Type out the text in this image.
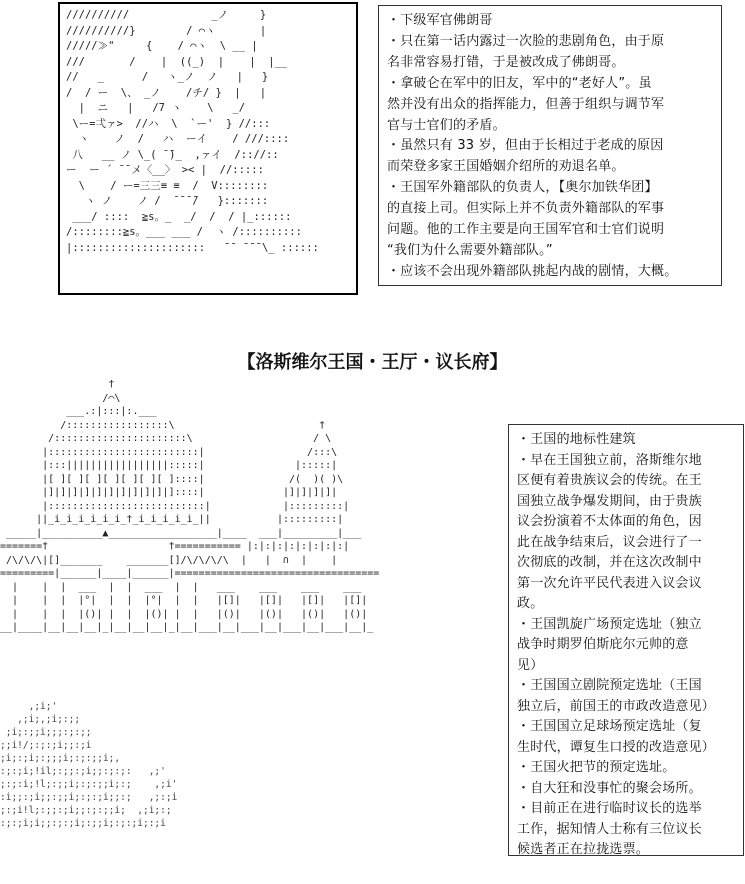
//////////             _ノ     }
//////////}        / ⌒ヽ       |
/////≫"     {    / ⌒ヽ  \ __ |
///       /    |  ((_)  |    |  |__
//   _      /   ヽ_ノ  ノ   |   }
/  / ー  \、 _ノ    /チ/ }  |   |
|  ニ   |   /7 ヽ    \   _/
\ー=弌ァ>  //ハ  \  `ー'  } //:::
ヽ    ノ  /   ハ  ーイ    / ///::::
八   __ ノ \_( ̄ ̄)_  ,ァイ  /:://::
ー  ー ´ ̄ ̄ メ〈__〉 >< |  //:::::
\    / ー=三三≡ ≡  /  V::::::::
ヽ ノ    ノ /  ̄ ̄ ̄ ̄/   }:::::::
___/ ::::  ≧s。_  _/  /  / |_::::::
/::::::::≧s。___ ___ /  ヽ /::::::::::
|:::::::::::::::::::::   ̄ ̄  ̄ ̄ ̄ \_ ::::::
・下级军官佛朗哥
・只在第一话内露过一次脸的悲剧角色，由于原
名非常容易打错，于是被改成了佛朗哥。
・拿破仑在军中的旧友，军中的“老好人”。虽
然并没有出众的指挥能力，但善于组织与调节军
官与士官们的矛盾。
・虽然只有 33 岁，但由于长相过于老成的原因
而荣登多家王国婚姻介绍所的劝退名单。
・王国军外籍部队的负责人，【奥尔加铁华团】
的直接上司。但实际上并不负责外籍部队的军事
问题。他的工作主要是向王国军官和士官们说明
“我们为什么需要外籍部队。”
・应该不会出现外籍部队挑起内战的剧情，大概。
【洛斯维尔王国・王厅・议长府】
†
/⌒\
___.:|:::|:.___
/:::::::::::::::::\                        †
/::::::::::::::::::::::\                    / \
|:::::::::::::::::::::::::|                 /:::\
|:::|||||||||||||||||:::::|               |:::::|
|[ ][ ][ ][ ][ ][ ][ ]::::|              /(  )( )\
|]|]|]|]|]|]|]|]|]|]|]::::|             |]|]|]|]|
|::::::::::::::::::::::::::|            |:::::::::|
||_i_i_i_i_i_i_†_i_i_i_i_i_||           |:::::::::|
_____|__________▲__________________|____  ___|_________|___
=======†                    †=========== |:|:|:|:|:|:|:|:|
/\/\/\|[]_______    _______[]/\/\/\/\  |   |  ∩  |    |
=========|______|____|______|==================================
|    |  |  ___  |  |  ___  |  |   ___    ___    ___    ___
|    |  |  |°|  |  |  |°|  |  |   |[]|   |[]|   |[]|   |[]|
|    |  |  |()| |  |  |()| |  |   |()|   |()|   |()|   |()|
__|____|__|__|__|_|__|__|__|_|__|___|__|___|__|___|__|___|__|_
,;i;'
,;i;,;i;:;;
;i;:;;i;;;:;:;;
;;i!/;:;:;i;;:;i
;i;:;i;:;;;i;:;:;;i;,
:;:;i;!il;:;;:;i;;:;:;:   ,;'
;:;:i;!l;:;;i;:;:;;i;:;    ,;i'
:i;;:;i;;:;;i;:;:;i;;:;   ,;:;i
;:;i!l;:;;:;i;;:;:;;i;  ,;i;:;
:;:;i;i;;:;:;i;:;;i;:;:;i;:;i
・王国的地标性建筑
・早在王国独立前，洛斯维尔地
区便有着贵族议会的传统。在王
国独立战争爆发期间，由于贵族
议会扮演着不太体面的角色，因
此在战争结束后，议会进行了一
次彻底的改制，并在这次改制中
第一次允许平民代表进入议会议
政。
・王国凯旋广场预定选址（独立
战争时期罗伯斯庇尔元帅的意
见）
・王国国立剧院预定选址（王国
独立后，前国王的市政改造意见）
・王国国立足球场预定选址（复
生时代，谭复生口授的改造意见）
・王国火把节的预定选址。
・自大狂和没事忙的聚会场所。
・目前正在进行临时议长的选举
工作，据知情人士称有三位议长
候选者正在拉拢选票。
